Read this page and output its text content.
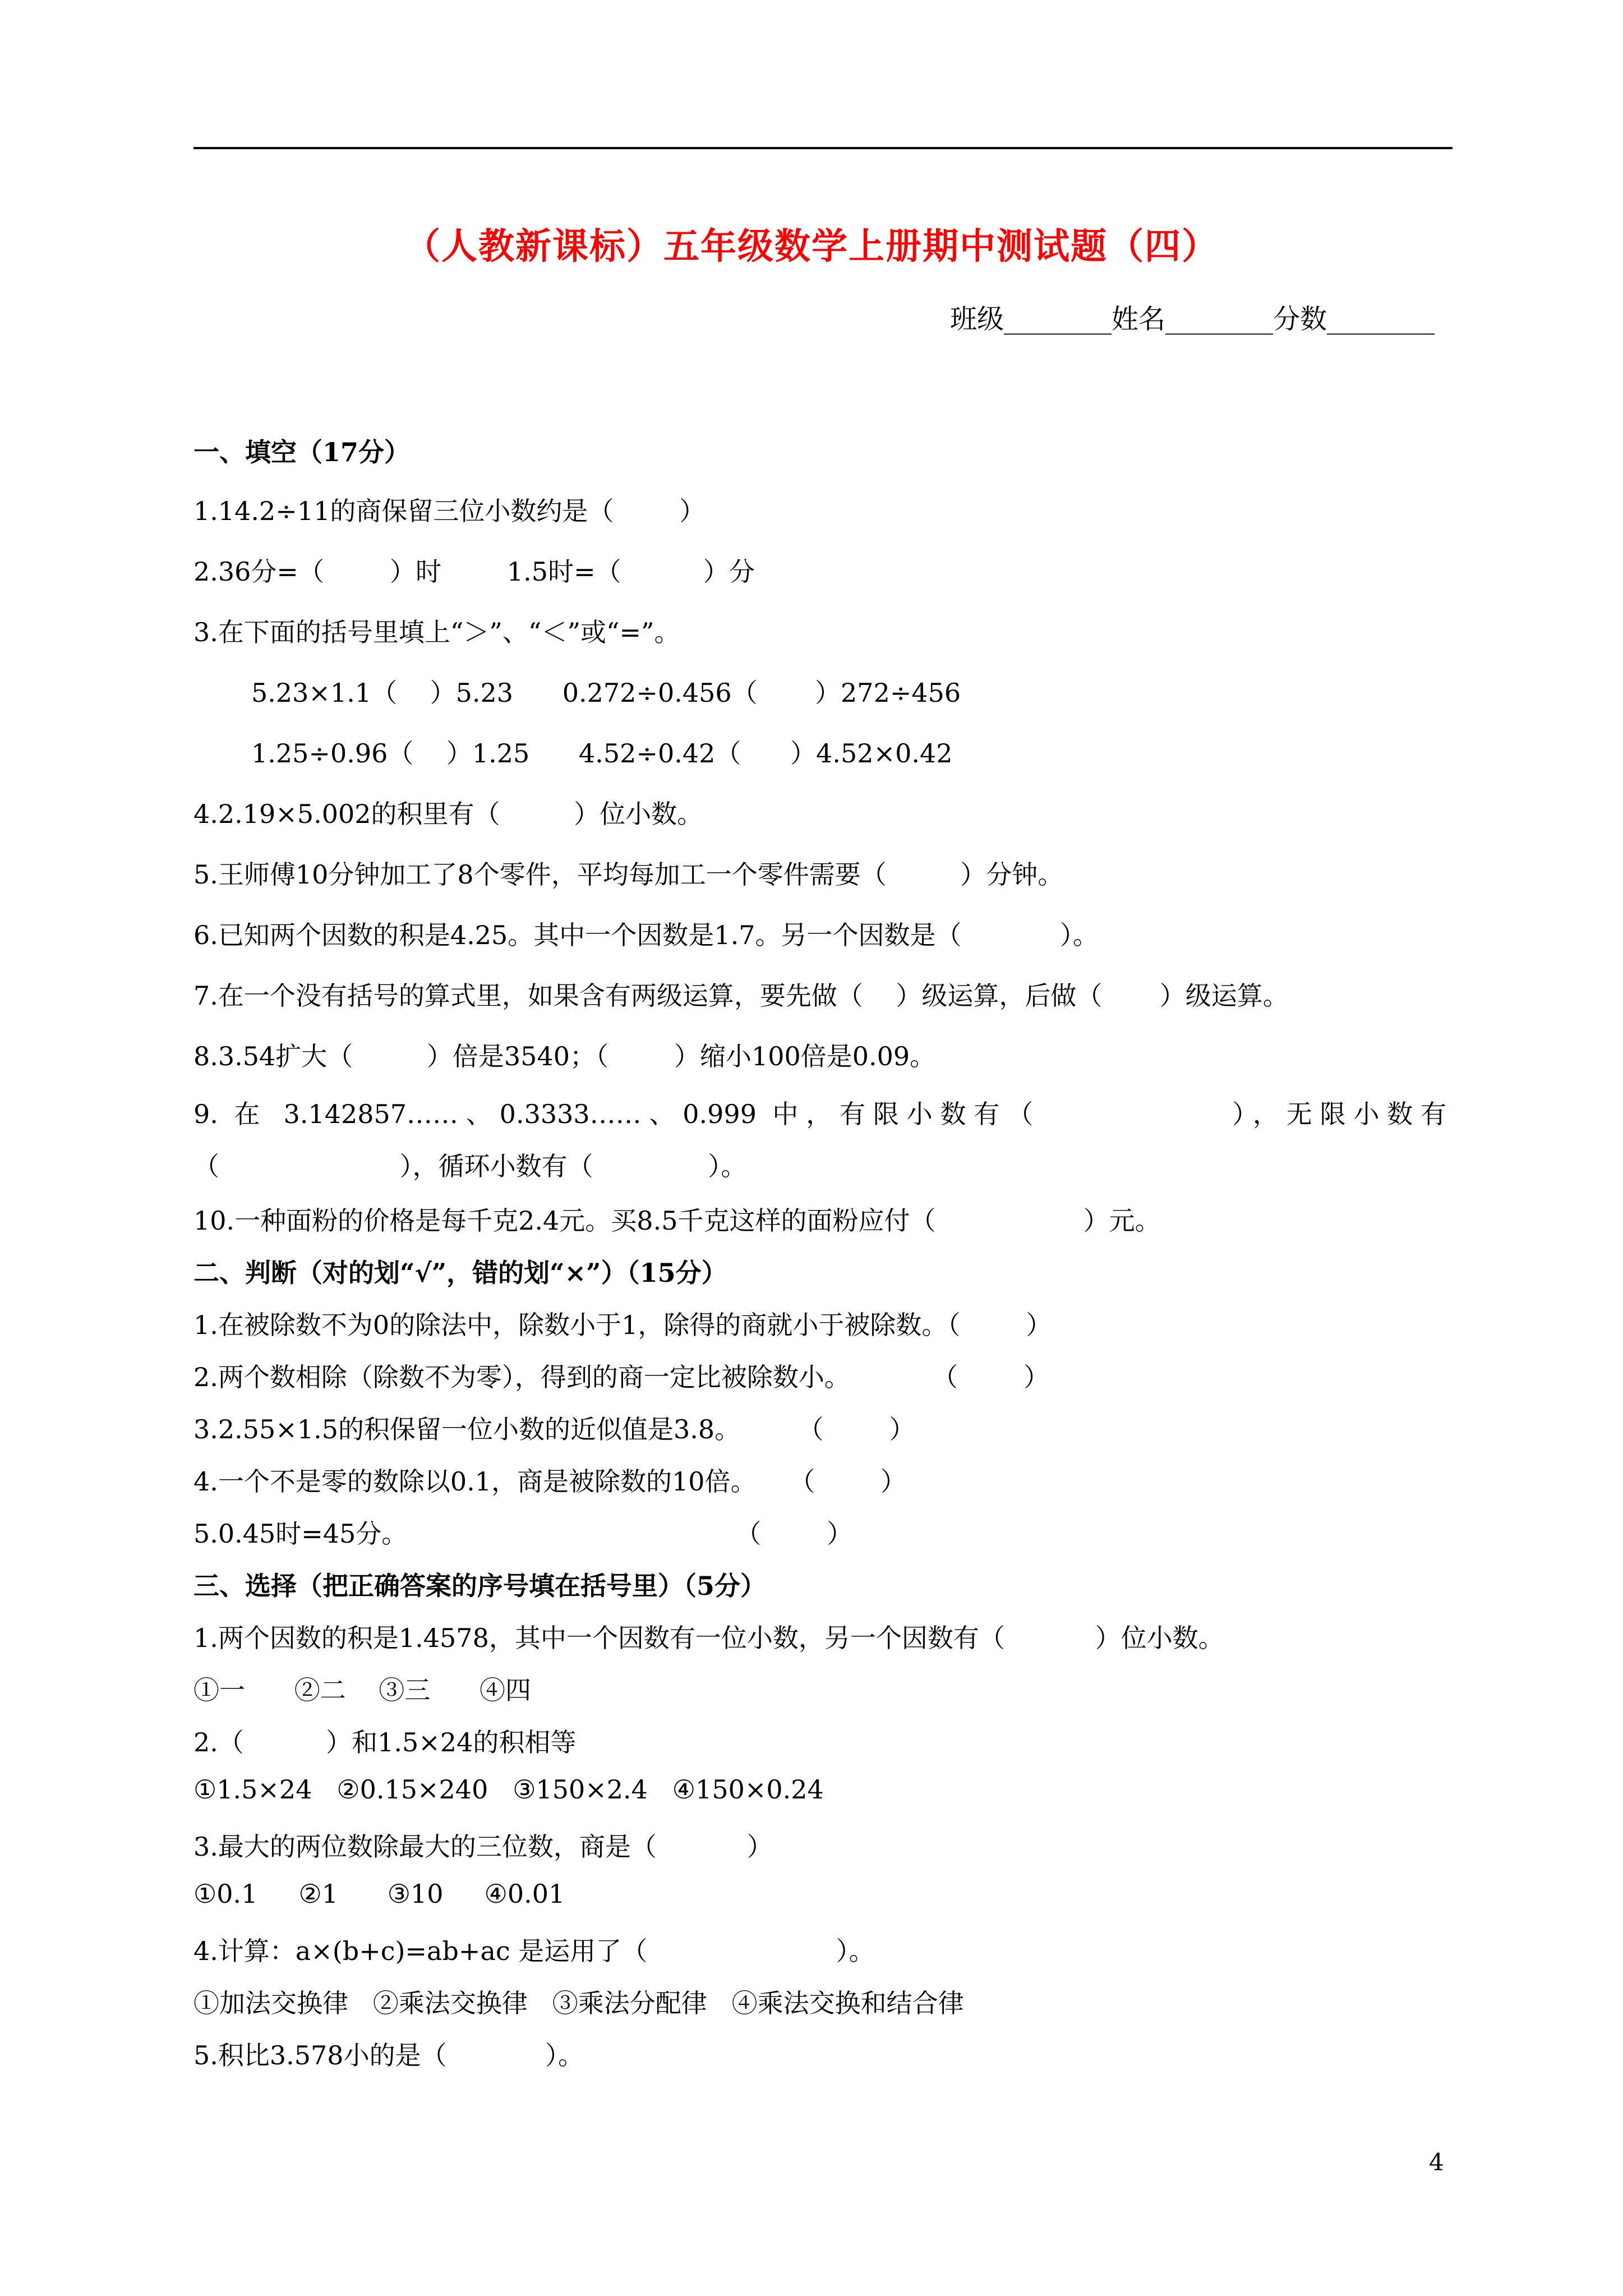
（人教新课标）五年级数学上册期中测试题（四）
班级________姓名________分数________
一、填空（17分）
1.14.2÷11的商保留三位小数约是（        ）
2.36分=（        ）时        1.5时=（          ）分
3.在下面的括号里填上“＞”、“＜”或“=”。
5.23×1.1（    ）5.23      0.272÷0.456（       ）272÷456
1.25÷0.96（    ）1.25      4.52÷0.42（      ）4.52×0.42
4.2.19×5.002的积里有（         ）位小数。
5.王师傅10分钟加工了8个零件，平均每加工一个零件需要（         ）分钟。
6.已知两个因数的积是4.25。其中一个因数是1.7。另一个因数是（            ）。
7.在一个没有括号的算式里，如果含有两级运算，要先做（    ）级运算，后做（       ）级运算。
8.3.54扩大（         ）倍是3540；（        ）缩小100倍是0.09。
9. 在 3.142857……、0.3333……、0.999 中，有限小数有（            ），无限小数有
（                      ），循环小数有（              ）。
10.一种面粉的价格是每千克2.4元。买8.5千克这样的面粉应付（                  ）元。
二、判断（对的划“√”，错的划“×”）（15分）
1.在被除数不为0的除法中，除数小于1，除得的商就小于被除数。（        ）
2.两个数相除（除数不为零），得到的商一定比被除数小。          （        ）
3.2.55×1.5的积保留一位小数的近似值是3.8。       （        ）
4.一个不是零的数除以0.1，商是被除数的10倍。    （        ）
5.0.45时=45分。                                        （        ）
三、选择（把正确答案的序号填在括号里）（5分）
1.两个因数的积是1.4578，其中一个因数有一位小数，另一个因数有（           ）位小数。
①一      ②二    ③三      ④四
2.（          ）和1.5×24的积相等
①1.5×24   ②0.15×240   ③150×2.4   ④150×0.24
3.最大的两位数除最大的三位数，商是（           ）
①0.1     ②1      ③10     ④0.01
4.计算：a×(b+c)=ab+ac 是运用了（                       ）。
①加法交换律   ②乘法交换律   ③乘法分配律   ④乘法交换和结合律
5.积比3.578小的是（            ）。
4
